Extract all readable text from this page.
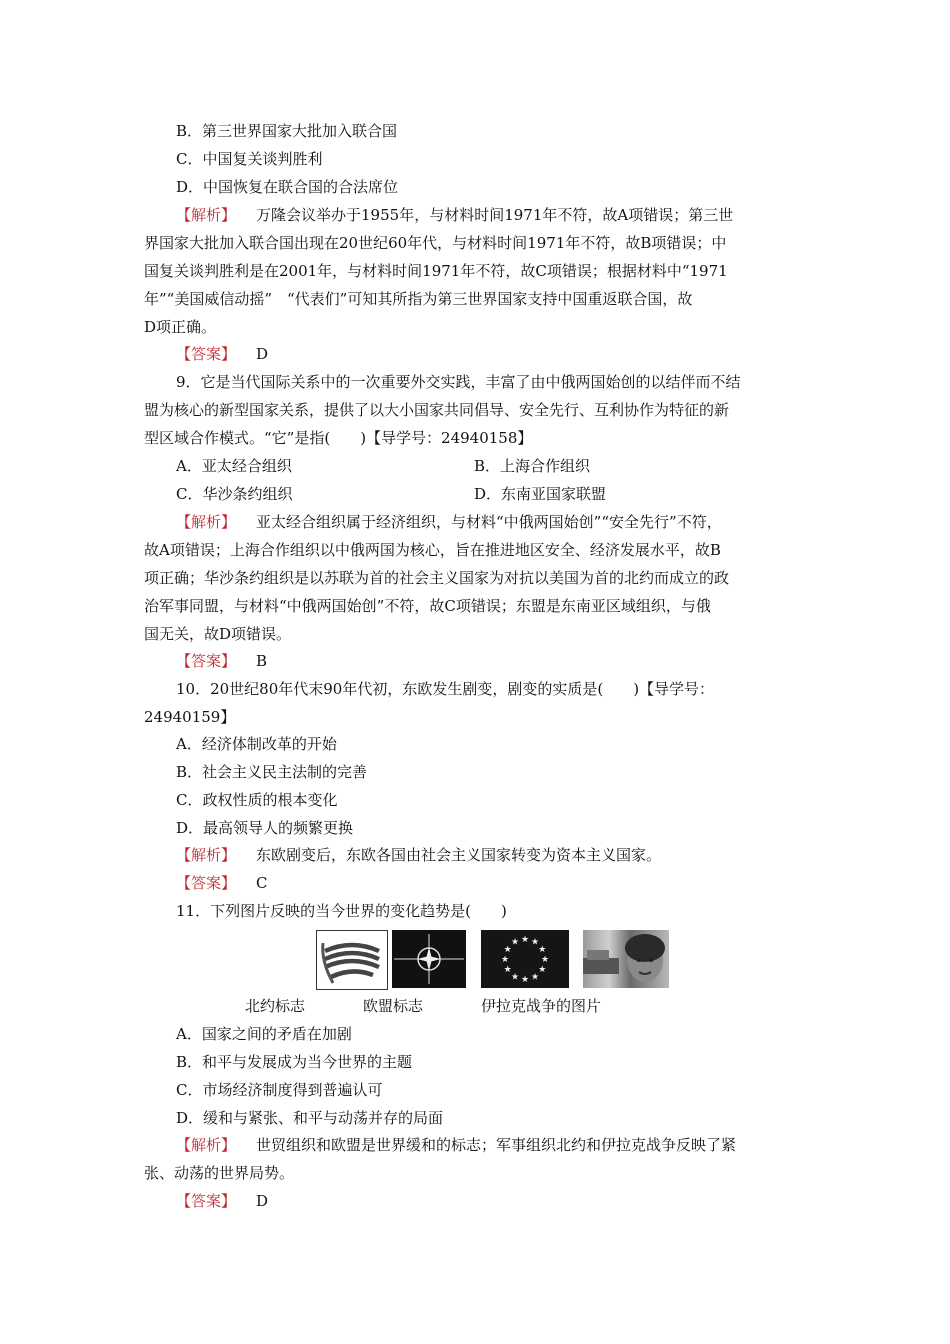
B．第三世界国家大批加入联合国
C．中国复关谈判胜利
D．中国恢复在联合国的合法席位
【解析】 万隆会议举办于1955年，与材料时间1971年不符，故A项错误；第三世
界国家大批加入联合国出现在20世纪60年代，与材料时间1971年不符，故B项错误；中
国复关谈判胜利是在2001年，与材料时间1971年不符，故C项错误；根据材料中“1971
年”“美国威信动摇”　“代表们”可知其所指为第三世界国家支持中国重返联合国，故
D项正确。
【答案】 D
9．它是当代国际关系中的一次重要外交实践，丰富了由中俄两国始创的以结伴而不结
盟为核心的新型国家关系，提供了以大小国家共同倡导、安全先行、互利协作为特征的新
型区域合作模式。“它”是指(　　)【导学号：24940158】
A．亚太经合组织	B．上海合作组织
C．华沙条约组织	D．东南亚国家联盟
【解析】 亚太经合组织属于经济组织，与材料“中俄两国始创”“安全先行”不符，
故A项错误；上海合作组织以中俄两国为核心，旨在推进地区安全、经济发展水平，故B
项正确；华沙条约组织是以苏联为首的社会主义国家为对抗以美国为首的北约而成立的政
治军事同盟，与材料“中俄两国始创”不符，故C项错误；东盟是东南亚区域组织，与俄
国无关，故D项错误。
【答案】 B
10．20世纪80年代末90年代初，东欧发生剧变，剧变的实质是(　　)【导学号：
24940159】
A．经济体制改革的开始
B．社会主义民主法制的完善
C．政权性质的根本变化
D．最高领导人的频繁更换
【解析】 东欧剧变后，东欧各国由社会主义国家转变为资本主义国家。
【答案】 C
11．下列图片反映的当今世界的变化趋势是(　　)
★ ★
★
★
★
★
★
★
★
★
★
★
北约标志	欧盟标志	伊拉克战争的图片
A．国家之间的矛盾在加剧
B．和平与发展成为当今世界的主题
C．市场经济制度得到普遍认可
D．缓和与紧张、和平与动荡并存的局面
【解析】 世贸组织和欧盟是世界缓和的标志；军事组织北约和伊拉克战争反映了紧
张、动荡的世界局势。
【答案】 D
